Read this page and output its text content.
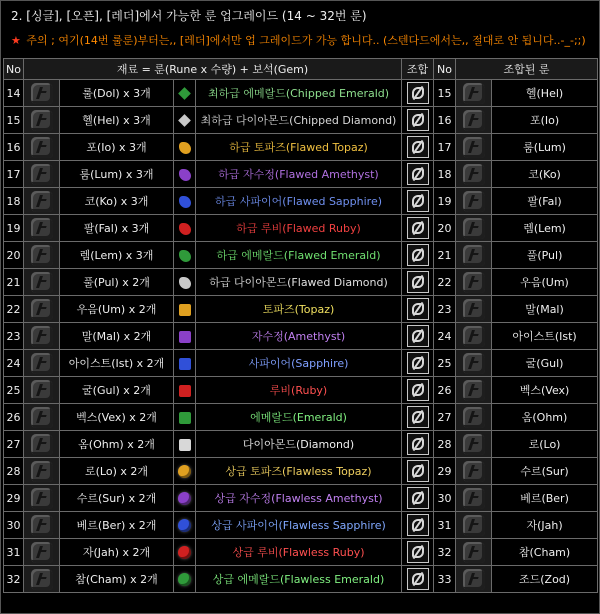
2. [싱글], [오픈], [레더]에서 가능한 룬 업그레이드 (14 ~ 32번 룬)
★ 주의 ; 여기(14번 룰룬)부터는,, [레더]에서만 업 그레이드가 가능 합니다.. (스텐다드에서는,, 절대로 안 됩니다..-_-;;)
No	재료 = 룬(Rune x 수량) + 보석(Gem)				조합	No	조합된 룬	
14		룰(Dol) x 3개		최하급 에메랄드(Chipped Emerald)		15		헬(Hel)
15		헬(Hel) x 3개		최하급 다이아몬드(Chipped Diamond)		16		포(Io)
16		포(Io) x 3개		하급 토파즈(Flawed Topaz)		17		룸(Lum)
17		룸(Lum) x 3개		하급 자수정(Flawed Amethyst)		18		코(Ko)
18		코(Ko) x 3개		하급 사파이어(Flawed Sapphire)		19		팔(Fal)
19		팔(Fal) x 3개		하급 루비(Flawed Ruby)		20		렘(Lem)
20		렘(Lem) x 3개		하급 에메랄드(Flawed Emerald)		21		풀(Pul)
21		풀(Pul) x 2개		하급 다이아몬드(Flawed Diamond)		22		우음(Um)
22		우음(Um) x 2개		토파즈(Topaz)		23		말(Mal)
23		말(Mal) x 2개		자수정(Amethyst)		24		아이스트(Ist)
24		아이스트(Ist) x 2개		사파이어(Sapphire)		25		굴(Gul)
25		굴(Gul) x 2개		루비(Ruby)		26		벡스(Vex)
26		벡스(Vex) x 2개		에메랄드(Emerald)		27		옴(Ohm)
27		옴(Ohm) x 2개		다이아몬드(Diamond)		28		로(Lo)
28		로(Lo) x 2개		상급 토파즈(Flawless Topaz)		29		수르(Sur)
29		수르(Sur) x 2개		상급 자수정(Flawless Amethyst)		30		베르(Ber)
30		베르(Ber) x 2개		상급 사파이어(Flawless Sapphire)		31		자(Jah)
31		자(Jah) x 2개		상급 루비(Flawless Ruby)		32		참(Cham)
32		참(Cham) x 2개		상급 에메랄드(Flawless Emerald)		33		조드(Zod)
